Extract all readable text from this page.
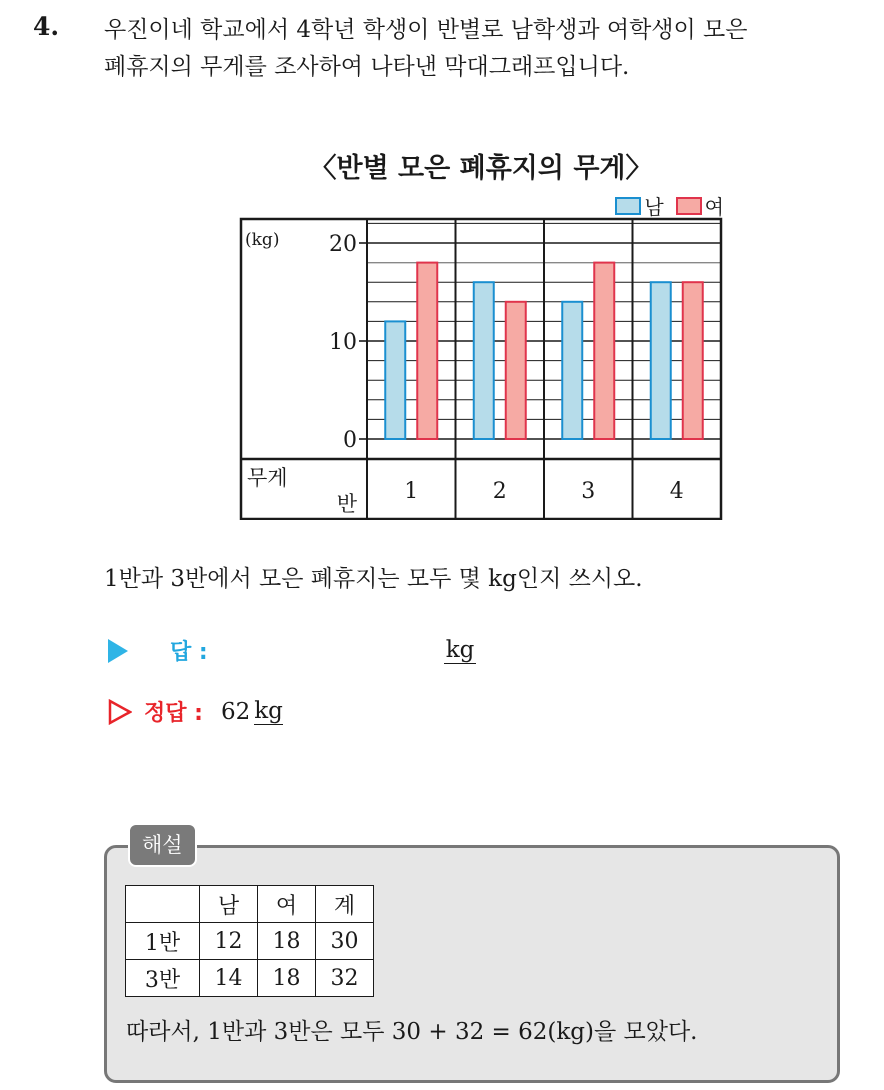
4. 우진이네 학교에서 4학년 학생이 반별로 남학생과 여학생이 모은
폐휴지의 무게를 조사하여 나타낸 막대그래프입니다.

〈반별 모은 폐휴지의 무게〉
남 여
(kg)
0
10
20
무게
반 1	2	3	4

1반과 3반에서 모은 폐휴지는 모두 몇 kg인지 쓰시오.

답 :	kg
정답 : 62 kg
해설
	남	여	계
1반	12	18	30
3반	14	18	32

따라서, 1반과 3반은 모두 30 + 32 = 62(kg)을 모았다.
